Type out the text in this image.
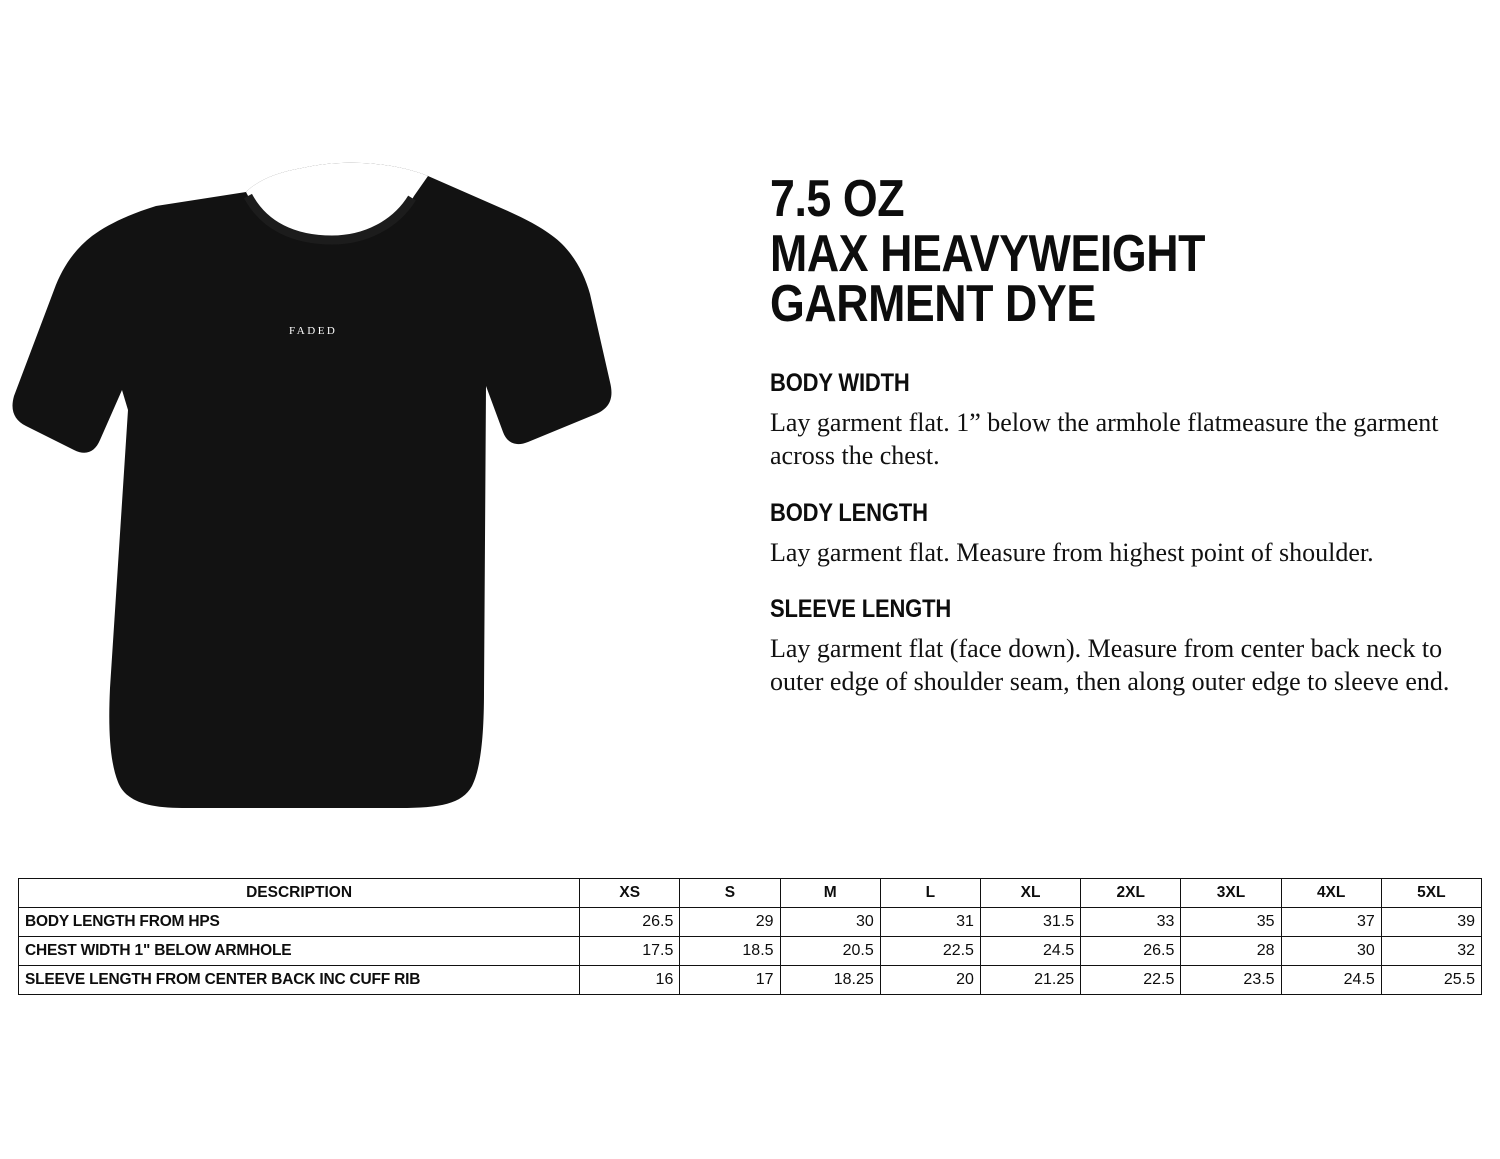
FADED
7.5 OZ
MAX HEAVYWEIGHT GARMENT DYE
BODY WIDTH
Lay garment flat. 1” below the armhole flatmeasure the garment across the chest.
BODY LENGTH
Lay garment flat. Measure from highest point of shoulder.
SLEEVE LENGTH
Lay garment flat (face down). Measure from center back neck to outer edge of shoulder seam, then along outer edge to sleeve end.
DESCRIPTION	XS	S	M	L	XL	2XL	3XL	4XL	5XL
BODY LENGTH FROM HPS	26.5	29	30	31	31.5	33	35	37	39
CHEST WIDTH 1" BELOW ARMHOLE	17.5	18.5	20.5	22.5	24.5	26.5	28	30	32
SLEEVE LENGTH FROM CENTER BACK INC CUFF RIB	16	17	18.25	20	21.25	22.5	23.5	24.5	25.5
